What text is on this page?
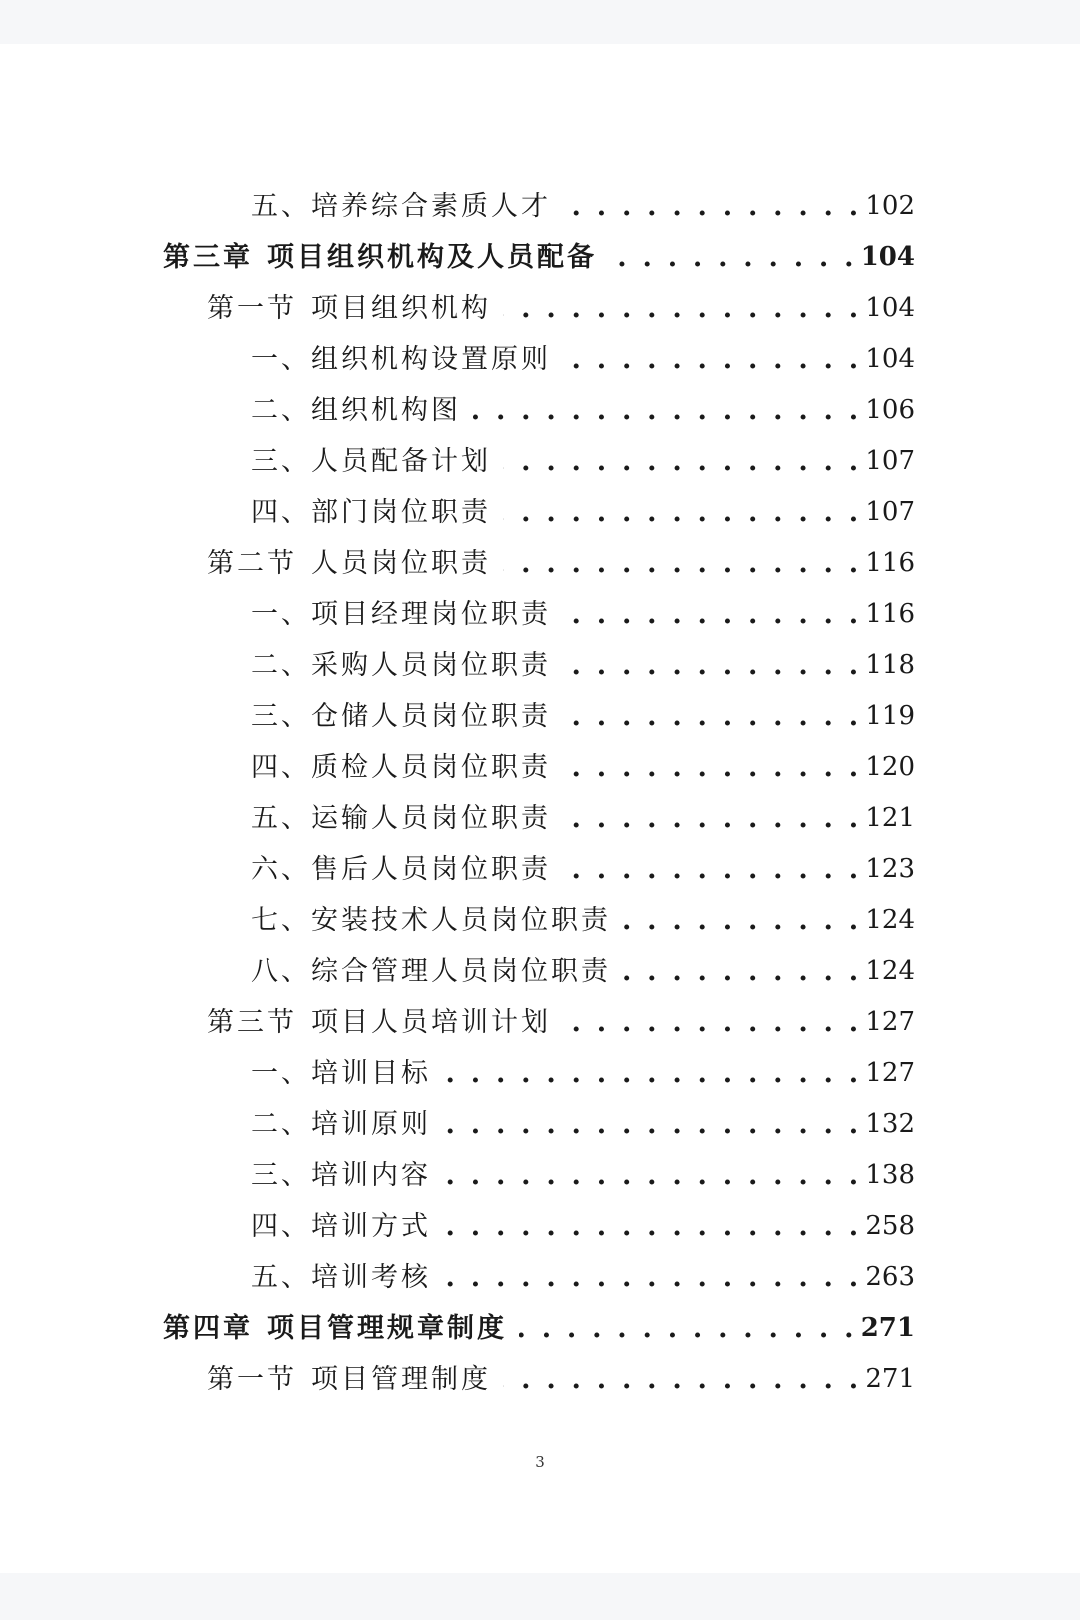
五、培养综合素质人才 . . .	102
第三章 项目组织机构及人员配备 . . .	104
第一节 项目组织机构 . . .	104
一、组织机构设置原则 . . .	104
二、组织机构图 . . .	106
三、人员配备计划 . . .	107
四、部门岗位职责 . . .	107
第二节 人员岗位职责 . . .	116
一、项目经理岗位职责 . . .	116
二、采购人员岗位职责 . . .	118
三、仓储人员岗位职责 . . .	119
四、质检人员岗位职责 . . .	120
五、运输人员岗位职责 . . .	121
六、售后人员岗位职责 . . .	123
七、安装技术人员岗位职责 . . .	124
八、综合管理人员岗位职责 . . .	124
第三节 项目人员培训计划 . . .	127
一、培训目标 . . .	127
二、培训原则 . . .	132
三、培训内容 . . .	138
四、培训方式 . . .	258
五、培训考核 . . .	263
第四章 项目管理规章制度 . . .	271
第一节 项目管理制度 . . .	271
3
